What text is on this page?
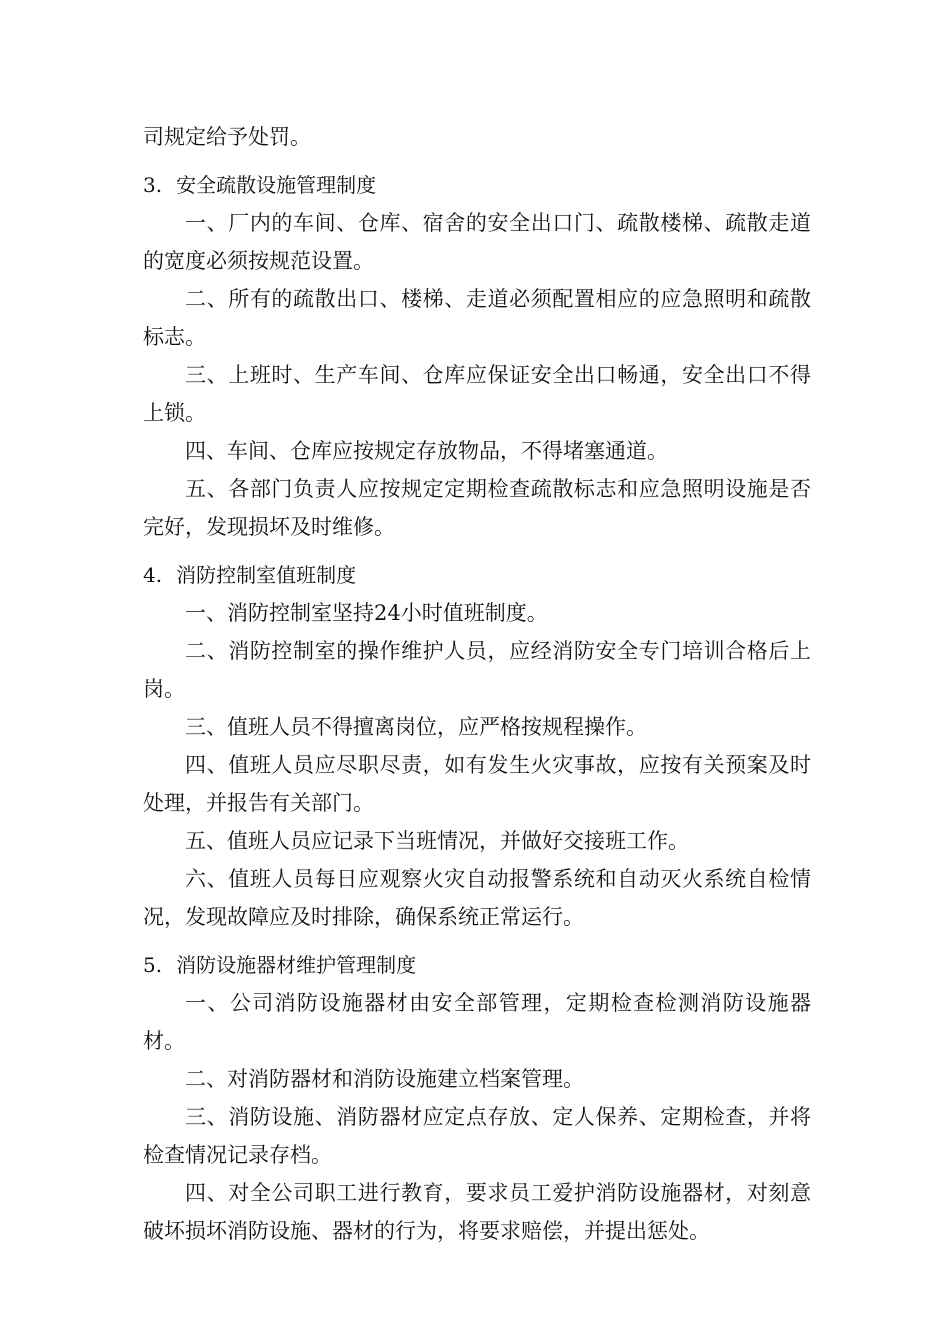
司规定给予处罚。

3. 安全疏散设施管理制度

一、厂内的车间、仓库、宿舍的安全出口门、疏散楼梯、疏散走道的宽度必须按规范设置。

二、所有的疏散出口、楼梯、走道必须配置相应的应急照明和疏散标志。

三、上班时、生产车间、仓库应保证安全出口畅通，安全出口不得上锁。

四、车间、仓库应按规定存放物品，不得堵塞通道。

五、各部门负责人应按规定定期检查疏散标志和应急照明设施是否完好，发现损坏及时维修。

4. 消防控制室值班制度

一、消防控制室坚持24小时值班制度。

二、消防控制室的操作维护人员，应经消防安全专门培训合格后上岗。

三、值班人员不得擅离岗位，应严格按规程操作。

四、值班人员应尽职尽责，如有发生火灾事故，应按有关预案及时处理，并报告有关部门。

五、值班人员应记录下当班情况，并做好交接班工作。

六、值班人员每日应观察火灾自动报警系统和自动灭火系统自检情况，发现故障应及时排除，确保系统正常运行。

5. 消防设施器材维护管理制度

一、公司消防设施器材由安全部管理，定期检查检测消防设施器材。

二、对消防器材和消防设施建立档案管理。

三、消防设施、消防器材应定点存放、定人保养、定期检查，并将检查情况记录存档。

四、对全公司职工进行教育，要求员工爱护消防设施器材，对刻意破坏损坏消防设施、器材的行为，将要求赔偿，并提出惩处。
